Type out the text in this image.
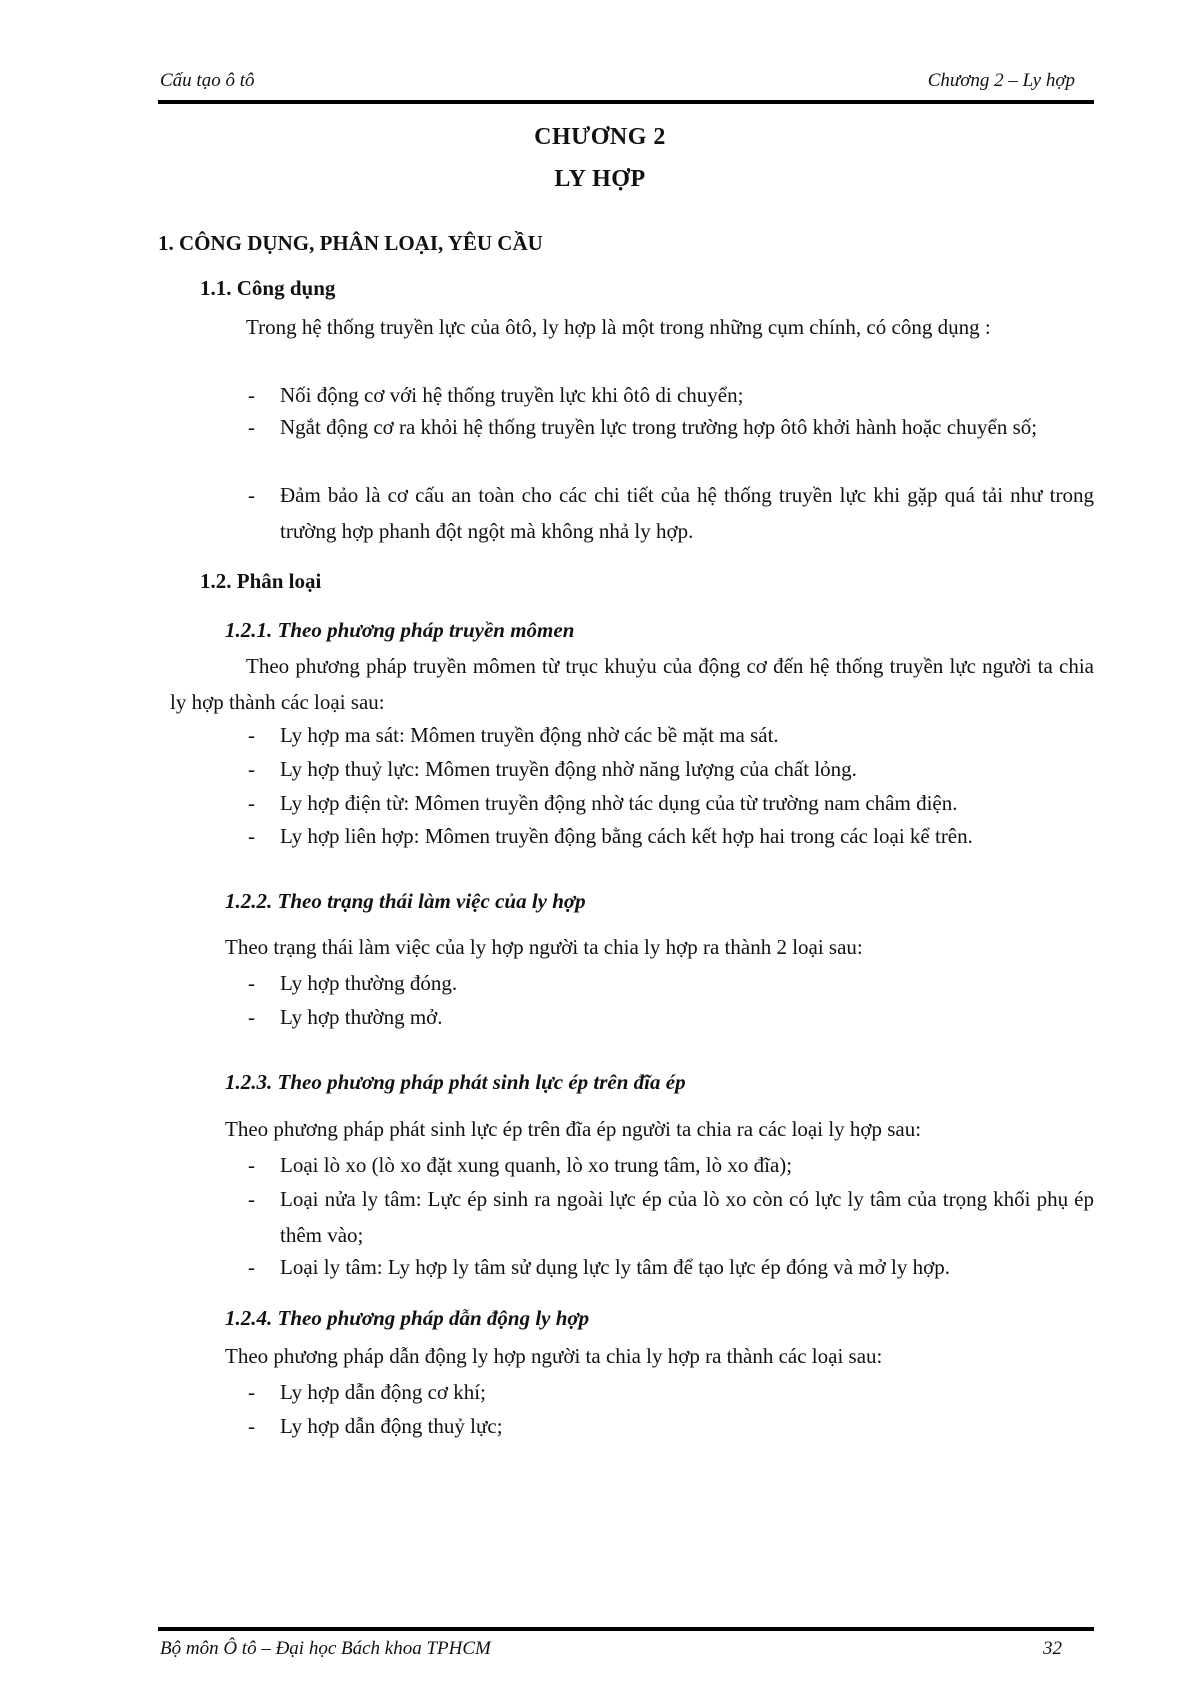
Cấu tạo ô tô	Chương 2 – Ly hợp
CHƯƠNG 2
LY HỢP
1. CÔNG DỤNG, PHÂN LOẠI, YÊU CẦU
1.1. Công dụng
Trong hệ thống truyền lực của ôtô, ly hợp là một trong những cụm chính, có công dụng :
- Nối động cơ với hệ thống truyền lực khi ôtô di chuyển;
- Ngắt động cơ ra khỏi hệ thống truyền lực trong trường hợp ôtô khởi hành hoặc chuyển số;
- Đảm bảo là cơ cấu an toàn cho các chi tiết của hệ thống truyền lực khi gặp quá tải như trong trường hợp phanh đột ngột mà không nhả ly hợp.
1.2. Phân loại
1.2.1. Theo phương pháp truyền mômen
Theo phương pháp truyền mômen từ trục khuỷu của động cơ đến hệ thống truyền lực người ta chia ly hợp thành các loại sau:
- Ly hợp ma sát: Mômen truyền động nhờ các bề mặt ma sát.
- Ly hợp thuỷ lực: Mômen truyền động nhờ năng lượng của chất lỏng.
- Ly hợp điện từ: Mômen truyền động nhờ tác dụng của từ trường nam châm điện.
- Ly hợp liên hợp: Mômen truyền động bằng cách kết hợp hai trong các loại kể trên.
1.2.2. Theo trạng thái làm việc của ly hợp
Theo trạng thái làm việc của ly hợp người ta chia ly hợp ra thành 2 loại sau:
- Ly hợp thường đóng.
- Ly hợp thường mở.
1.2.3. Theo phương pháp phát sinh lực ép trên đĩa ép
Theo phương pháp phát sinh lực ép trên đĩa ép người ta chia ra các loại ly hợp sau:
- Loại lò xo (lò xo đặt xung quanh, lò xo trung tâm, lò xo đĩa);
- Loại nửa ly tâm: Lực ép sinh ra ngoài lực ép của lò xo còn có lực ly tâm của trọng khối phụ ép thêm vào;
- Loại ly tâm: Ly hợp ly tâm sử dụng lực ly tâm để tạo lực ép đóng và mở ly hợp.
1.2.4. Theo phương pháp dẫn động ly hợp
Theo phương pháp dẫn động ly hợp người ta chia ly hợp ra thành các loại sau:
- Ly hợp dẫn động cơ khí;
- Ly hợp dẫn động thuỷ lực;
Bộ môn Ô tô – Đại học Bách khoa TPHCM	32
